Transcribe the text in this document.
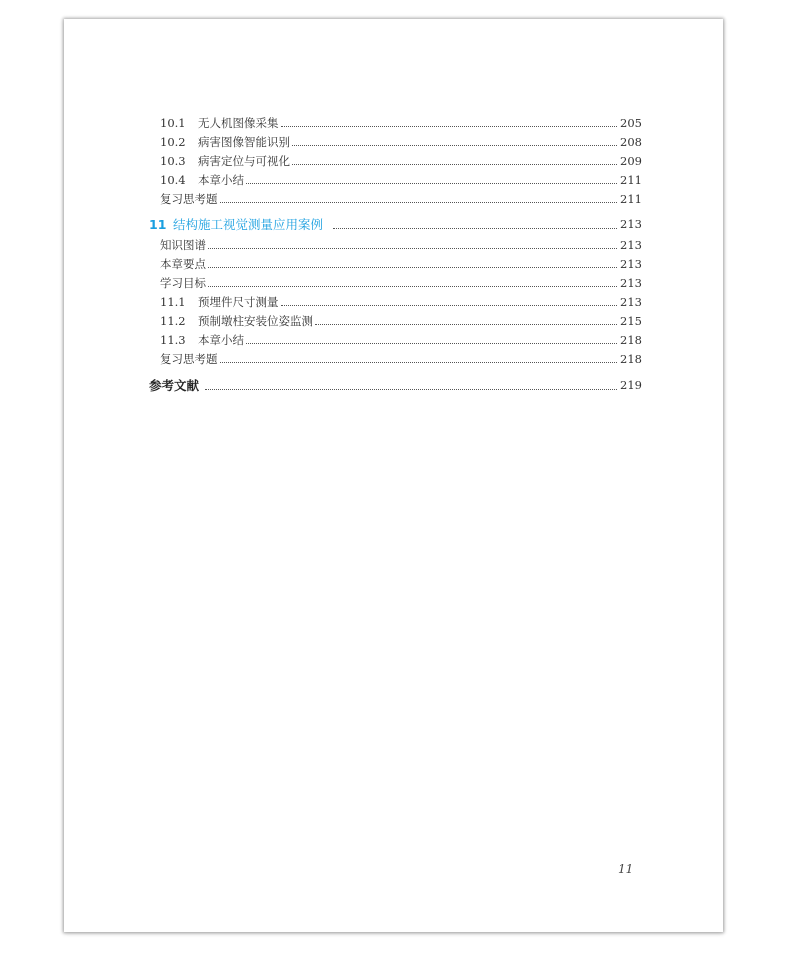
10.1	无人机图像采集	205
10.2	病害图像智能识别	208
10.3	病害定位与可视化	209
10.4	本章小结	211
复习思考题	211
11 结构施工视觉测量应用案例	213
知识图谱	213
本章要点	213
学习目标	213
11.1	预埋件尺寸测量	213
11.2	预制墩柱安装位姿监测	215
11.3	本章小结	218
复习思考题	218
参考文献	219
11
